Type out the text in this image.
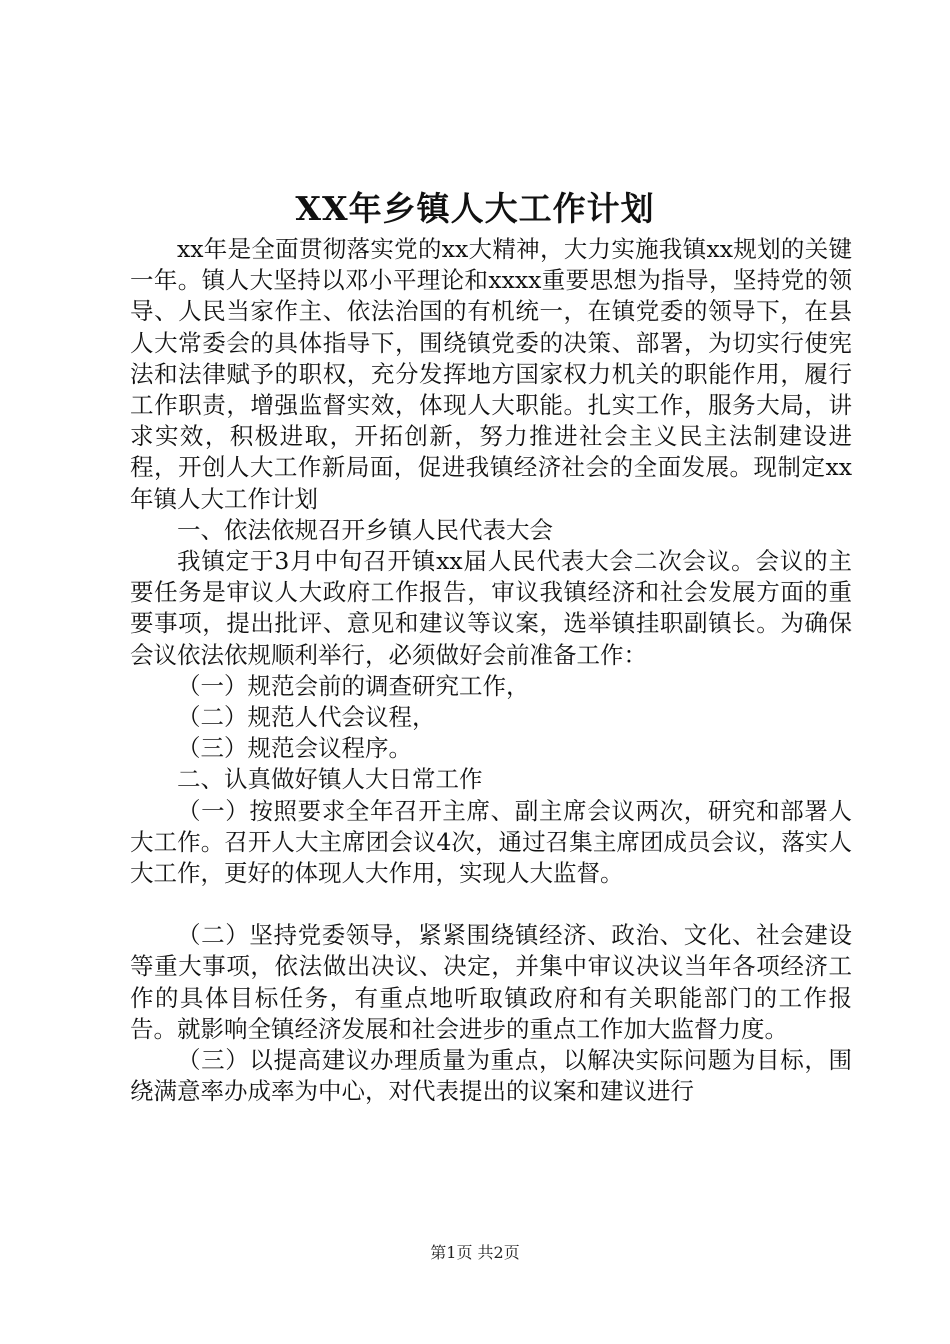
XX年乡镇人大工作计划

xx年是全面贯彻落实党的xx大精神，大力实施我镇xx规划的关键一年。镇人大坚持以邓小平理论和xxxx重要思想为指导，坚持党的领导、人民当家作主、依法治国的有机统一，在镇党委的领导下，在县人大常委会的具体指导下，围绕镇党委的决策、部署，为切实行使宪法和法律赋予的职权，充分发挥地方国家权力机关的职能作用，履行工作职责，增强监督实效，体现人大职能。扎实工作，服务大局，讲求实效，积极进取，开拓创新，努力推进社会主义民主法制建设进程，开创人大工作新局面，促进我镇经济社会的全面发展。现制定xx年镇人大工作计划

一、依法依规召开乡镇人民代表大会

我镇定于3月中旬召开镇xx届人民代表大会二次会议。会议的主要任务是审议人大政府工作报告，审议我镇经济和社会发展方面的重要事项，提出批评、意见和建议等议案，选举镇挂职副镇长。为确保会议依法依规顺利举行，必须做好会前准备工作：

（一）规范会前的调查研究工作，

（二）规范人代会议程，

（三）规范会议程序。

二、认真做好镇人大日常工作

（一）按照要求全年召开主席、副主席会议两次，研究和部署人大工作。召开人大主席团会议4次，通过召集主席团成员会议，落实人大工作，更好的体现人大作用，实现人大监督。

（二）坚持党委领导，紧紧围绕镇经济、政治、文化、社会建设等重大事项，依法做出决议、决定，并集中审议决议当年各项经济工作的具体目标任务，有重点地听取镇政府和有关职能部门的工作报告。就影响全镇经济发展和社会进步的重点工作加大监督力度。

（三）以提高建议办理质量为重点，以解决实际问题为目标，围绕满意率办成率为中心，对代表提出的议案和建议进行

第1页 共2页
